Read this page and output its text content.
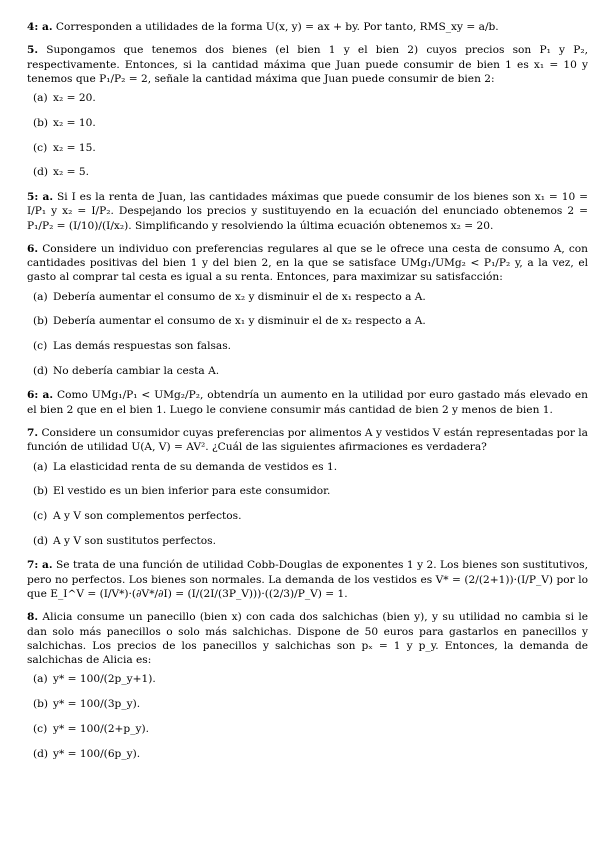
4: a. Corresponden a utilidades de la forma U(x, y) = ax + by. Por tanto, RMS_xy = a/b.

5. Supongamos que tenemos dos bienes (el bien 1 y el bien 2) cuyos precios son P₁ y P₂, respectivamente. Entonces, si la cantidad máxima que Juan puede consumir de bien 1 es x₁ = 10 y tenemos que P₁/P₂ = 2, señale la cantidad máxima que Juan puede consumir de bien 2:

(a) x₂ = 20.
(b) x₂ = 10.
(c) x₂ = 15.
(d) x₂ = 5.

5: a. Si I es la renta de Juan, las cantidades máximas que puede consumir de los bienes son x₁ = 10 = I/P₁ y x₂ = I/P₂. Despejando los precios y sustituyendo en la ecuación del enunciado obtenemos 2 = P₁/P₂ = (I/10)/(I/x₂). Simplificando y resolviendo la última ecuación obtenemos x₂ = 20.

6. Considere un individuo con preferencias regulares al que se le ofrece una cesta de consumo A, con cantidades positivas del bien 1 y del bien 2, en la que se satisface UMg₁/UMg₂ < P₁/P₂ y, a la vez, el gasto al comprar tal cesta es igual a su renta. Entonces, para maximizar su satisfacción:

(a) Debería aumentar el consumo de x₂ y disminuir el de x₁ respecto a A.
(b) Debería aumentar el consumo de x₁ y disminuir el de x₂ respecto a A.
(c) Las demás respuestas son falsas.
(d) No debería cambiar la cesta A.

6: a. Como UMg₁/P₁ < UMg₂/P₂, obtendría un aumento en la utilidad por euro gastado más elevado en el bien 2 que en el bien 1. Luego le conviene consumir más cantidad de bien 2 y menos de bien 1.

7. Considere un consumidor cuyas preferencias por alimentos A y vestidos V están representadas por la función de utilidad U(A, V) = AV². ¿Cuál de las siguientes afirmaciones es verdadera?

(a) La elasticidad renta de su demanda de vestidos es 1.
(b) El vestido es un bien inferior para este consumidor.
(c) A y V son complementos perfectos.
(d) A y V son sustitutos perfectos.

7: a. Se trata de una función de utilidad Cobb-Douglas de exponentes 1 y 2. Los bienes son sustitutivos, pero no perfectos. Los bienes son normales. La demanda de los vestidos es V* = (2/(2+1))·(I/P_V) por lo que E_I^V = (I/V*)·(∂V*/∂I) = (I/(2I/(3P_V)))·((2/3)/P_V) = 1.

8. Alicia consume un panecillo (bien x) con cada dos salchichas (bien y), y su utilidad no cambia si le dan solo más panecillos o solo más salchichas. Dispone de 50 euros para gastarlos en panecillos y salchichas. Los precios de los panecillos y salchichas son pₓ = 1 y p_y. Entonces, la demanda de salchichas de Alicia es:

(a) y* = 100/(2p_y+1).
(b) y* = 100/(3p_y).
(c) y* = 100/(2+p_y).
(d) y* = 100/(6p_y).
